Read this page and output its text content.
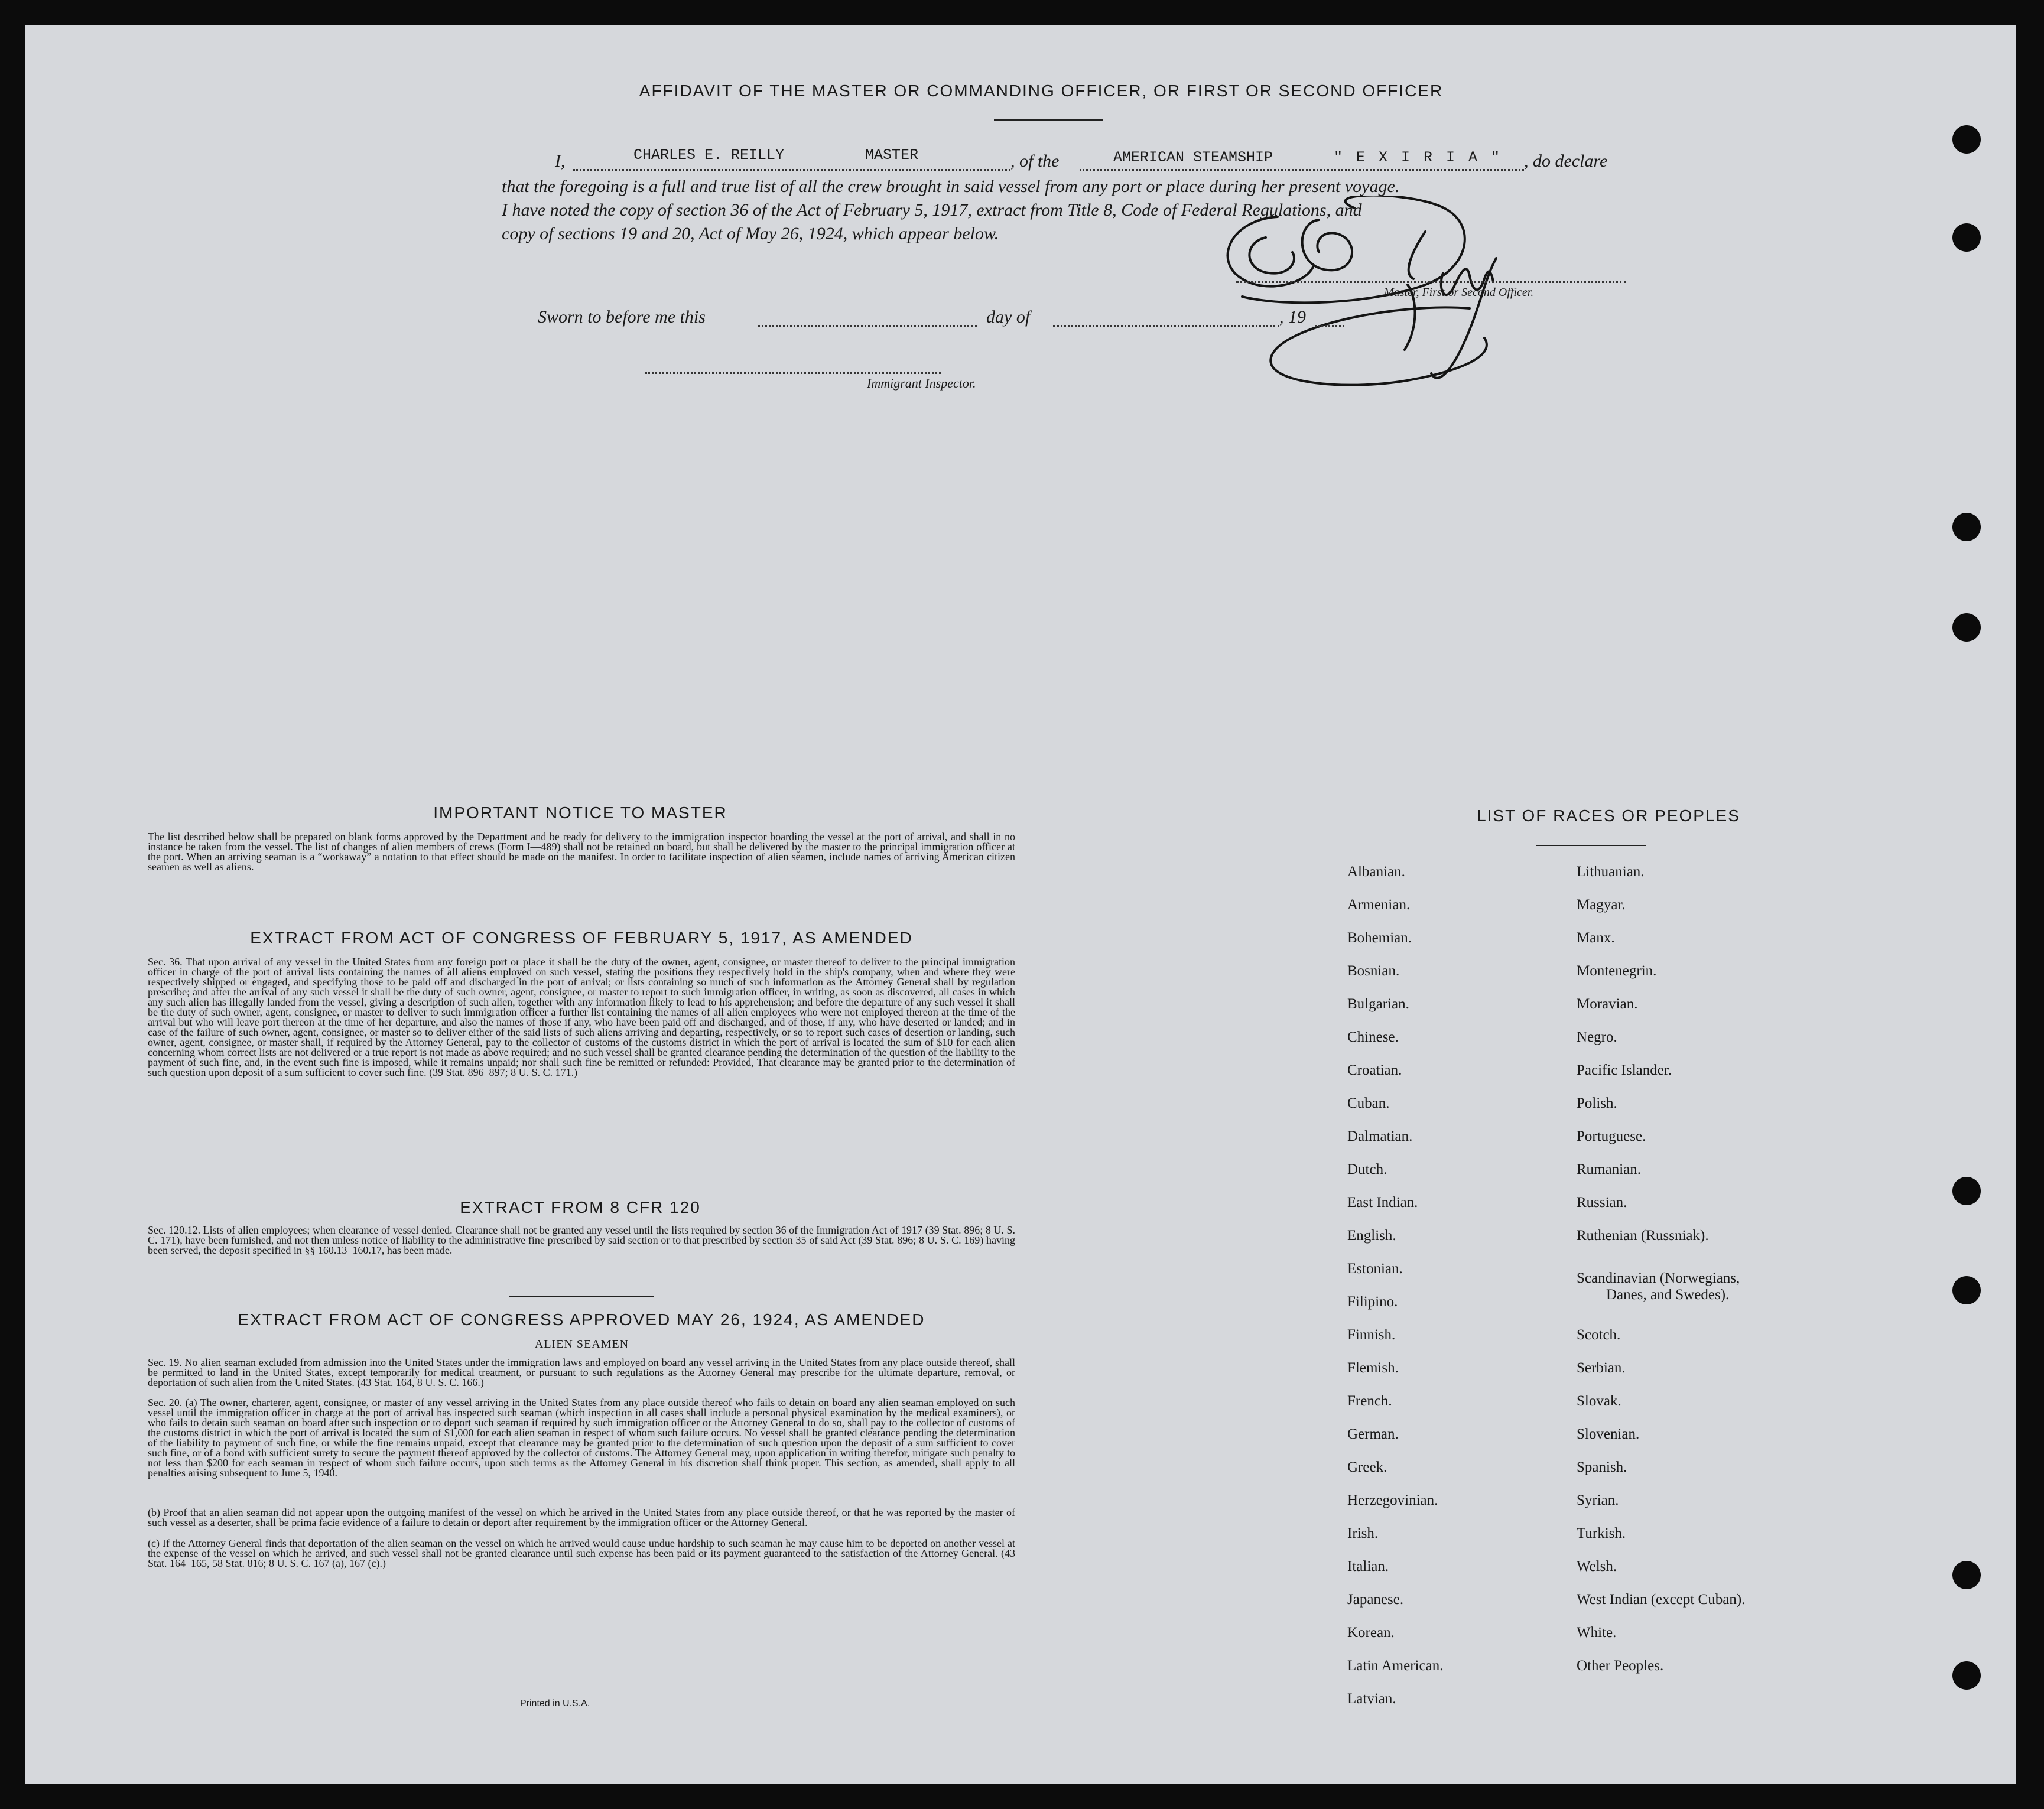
AFFIDAVIT OF THE MASTER OR COMMANDING OFFICER, OR FIRST OR SECOND OFFICER
I,	CHARLES E. REILLY	MASTER	, of the	AMERICAN STEAMSHIP	" E X I R I A " , do declare
that the foregoing is a full and true list of all the crew brought in said vessel from any port or place during her present voyage.
I have noted the copy of section 36 of the Act of February 5, 1917, extract from Title 8, Code of Federal Regulations, and
copy of sections 19 and 20, Act of May 26, 1924, which appear below.
Master, First or Second Officer.
Sworn to before me this	day of	, 19
Immigrant Inspector.
IMPORTANT NOTICE TO MASTER

The list described below shall be prepared on blank forms approved by the Department and be ready for delivery to the immigration inspector boarding the vessel at the port of arrival, and shall in no instance be taken from the vessel. The list of changes of alien members of crews (Form I—489) shall not be retained on board, but shall be delivered by the master to the principal immigration officer at the port. When an arriving seaman is a “workaway” a notation to that effect should be made on the manifest. In order to facilitate inspection of alien seamen, include names of arriving American citizen seamen as well as aliens.

EXTRACT FROM ACT OF CONGRESS OF FEBRUARY 5, 1917, AS AMENDED

Sec. 36. That upon arrival of any vessel in the United States from any foreign port or place it shall be the duty of the owner, agent, consignee, or master thereof to deliver to the principal immigration officer in charge of the port of arrival lists containing the names of all aliens employed on such vessel, stating the positions they respectively hold in the ship's company, when and where they were respectively shipped or engaged, and specifying those to be paid off and discharged in the port of arrival; or lists containing so much of such information as the Attorney General shall by regulation prescribe; and after the arrival of any such vessel it shall be the duty of such owner, agent, consignee, or master to report to such immigration officer, in writing, as soon as discovered, all cases in which any such alien has illegally landed from the vessel, giving a description of such alien, together with any information likely to lead to his apprehension; and before the departure of any such vessel it shall be the duty of such owner, agent, consignee, or master to deliver to such immigration officer a further list containing the names of all alien employees who were not employed thereon at the time of the arrival but who will leave port thereon at the time of her departure, and also the names of those if any, who have been paid off and discharged, and of those, if any, who have deserted or landed; and in case of the failure of such owner, agent, consignee, or master so to deliver either of the said lists of such aliens arriving and departing, respectively, or so to report such cases of desertion or landing, such owner, agent, consignee, or master shall, if required by the Attorney General, pay to the collector of customs of the customs district in which the port of arrival is located the sum of $10 for each alien concerning whom correct lists are not delivered or a true report is not made as above required; and no such vessel shall be granted clearance pending the determination of the question of the liability to the payment of such fine, and, in the event such fine is imposed, while it remains unpaid; nor shall such fine be remitted or refunded: Provided, That clearance may be granted prior to the determination of such question upon deposit of a sum sufficient to cover such fine. (39 Stat. 896–897; 8 U. S. C. 171.)

EXTRACT FROM 8 CFR 120

Sec. 120.12. Lists of alien employees; when clearance of vessel denied. Clearance shall not be granted any vessel until the lists required by section 36 of the Immigration Act of 1917 (39 Stat. 896; 8 U. S. C. 171), have been furnished, and not then unless notice of liability to the administrative fine prescribed by said section or to that prescribed by section 35 of said Act (39 Stat. 896; 8 U. S. C. 169) having been served, the deposit specified in §§ 160.13–160.17, has been made.

EXTRACT FROM ACT OF CONGRESS APPROVED MAY 26, 1924, AS AMENDED
ALIEN SEAMEN

Sec. 19. No alien seaman excluded from admission into the United States under the immigration laws and employed on board any vessel arriving in the United States from any place outside thereof, shall be permitted to land in the United States, except temporarily for medical treatment, or pursuant to such regulations as the Attorney General may prescribe for the ultimate departure, removal, or deportation of such alien from the United States. (43 Stat. 164, 8 U. S. C. 166.)

Sec. 20. (a) The owner, charterer, agent, consignee, or master of any vessel arriving in the United States from any place outside thereof who fails to detain on board any alien seaman employed on such vessel until the immigration officer in charge at the port of arrival has inspected such seaman (which inspection in all cases shall include a personal physical examination by the medical examiners), or who fails to detain such seaman on board after such inspection or to deport such seaman if required by such immigration officer or the Attorney General to do so, shall pay to the collector of customs of the customs district in which the port of arrival is located the sum of $1,000 for each alien seaman in respect of whom such failure occurs. No vessel shall be granted clearance pending the determination of the liability to payment of such fine, or while the fine remains unpaid, except that clearance may be granted prior to the determination of such question upon the deposit of a sum sufficient to cover such fine, or of a bond with sufficient surety to secure the payment thereof approved by the collector of customs. The Attorney General may, upon application in writing therefor, mitigate such penalty to not less than $200 for each seaman in respect of whom such failure occurs, upon such terms as the Attorney General in his discretion shall think proper. This section, as amended, shall apply to all penalties arising subsequent to June 5, 1940.

(b) Proof that an alien seaman did not appear upon the outgoing manifest of the vessel on which he arrived in the United States from any place outside thereof, or that he was reported by the master of such vessel as a deserter, shall be prima facie evidence of a failure to detain or deport after requirement by the immigration officer or the Attorney General.

(c) If the Attorney General finds that deportation of the alien seaman on the vessel on which he arrived would cause undue hardship to such seaman he may cause him to be deported on another vessel at the expense of the vessel on which he arrived, and such vessel shall not be granted clearance until such expense has been paid or its payment guaranteed to the satisfaction of the Attorney General. (43 Stat. 164–165, 58 Stat. 816; 8 U. S. C. 167 (a), 167 (c).)

Printed in U.S.A.
LIST OF RACES OR PEOPLES
Albanian.
Armenian.
Bohemian.
Bosnian.
Bulgarian.
Chinese.
Croatian.
Cuban.
Dalmatian.
Dutch.
East Indian.
English.
Estonian.
Filipino.
Finnish.
Flemish.
French.
German.
Greek.
Herzegovinian.
Irish.
Italian.
Japanese.
Korean.
Latin American.
Latvian.
Lithuanian.
Magyar.
Manx.
Montenegrin.
Moravian.
Negro.
Pacific Islander.
Polish.
Portuguese.
Rumanian.
Russian.
Ruthenian (Russniak).
Scandinavian (Norwegians,
Danes, and Swedes).
Scotch.
Serbian.
Slovak.
Slovenian.
Spanish.
Syrian.
Turkish.
Welsh.
West Indian (except Cuban).
White.
Other Peoples.
